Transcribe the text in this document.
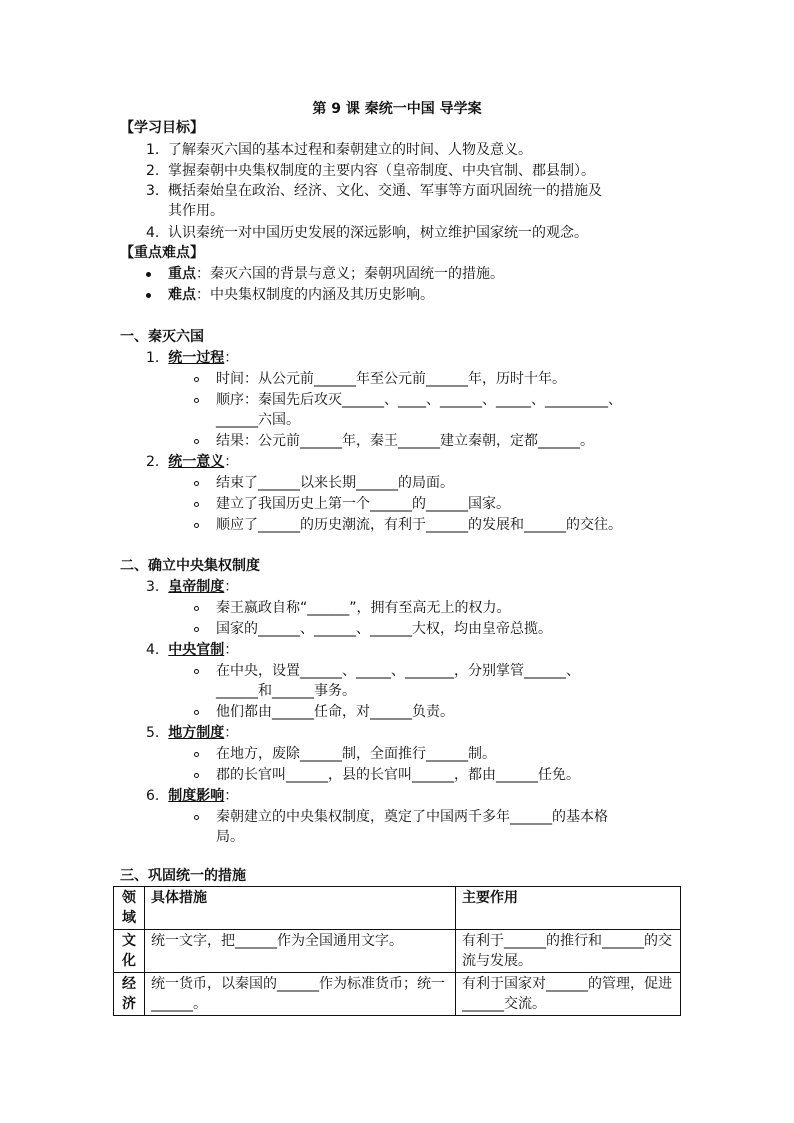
第 9 课 秦统一中国 导学案
【学习目标】
1. 了解秦灭六国的基本过程和秦朝建立的时间、人物及意义。
2. 掌握秦朝中央集权制度的主要内容（皇帝制度、中央官制、郡县制）。
3. 概括秦始皇在政治、经济、文化、交通、军事等方面巩固统一的措施及
其作用。
4. 认识秦统一对中国历史发展的深远影响，树立维护国家统一的观念。
【重点难点】
重点：秦灭六国的背景与意义；秦朝巩固统一的措施。
难点：中央集权制度的内涵及其历史影响。
一、秦灭六国
1. 统一过程：
时间：从公元前______年至公元前______年，历时十年。
顺序：秦国先后攻灭______、____、______、_____、_________、
______六国。
结果：公元前______年，秦王______建立秦朝，定都______。
2. 统一意义：
结束了______以来长期______的局面。
建立了我国历史上第一个______的______国家。
顺应了______的历史潮流，有利于______的发展和______的交往。
二、确立中央集权制度
3. 皇帝制度：
秦王嬴政自称“______”，拥有至高无上的权力。
国家的______、______、______大权，均由皇帝总揽。
4. 中央官制：
在中央，设置______、_____、_______，分别掌管______、
______和______事务。
他们都由______任命，对______负责。
5. 地方制度：
在地方，废除______制，全面推行______制。
郡的长官叫______，县的长官叫______，都由______任免。
6. 制度影响：
秦朝建立的中央集权制度，奠定了中国两千多年______的基本格
局。
三、巩固统一的措施
领域	具体措施	主要作用
文化	统一文字，把______作为全国通用文字。	有利于______的推行和______的交流与发展。
经济	统一货币，以秦国的______作为标准货币；统一______。	有利于国家对______的管理，促进______交流。
